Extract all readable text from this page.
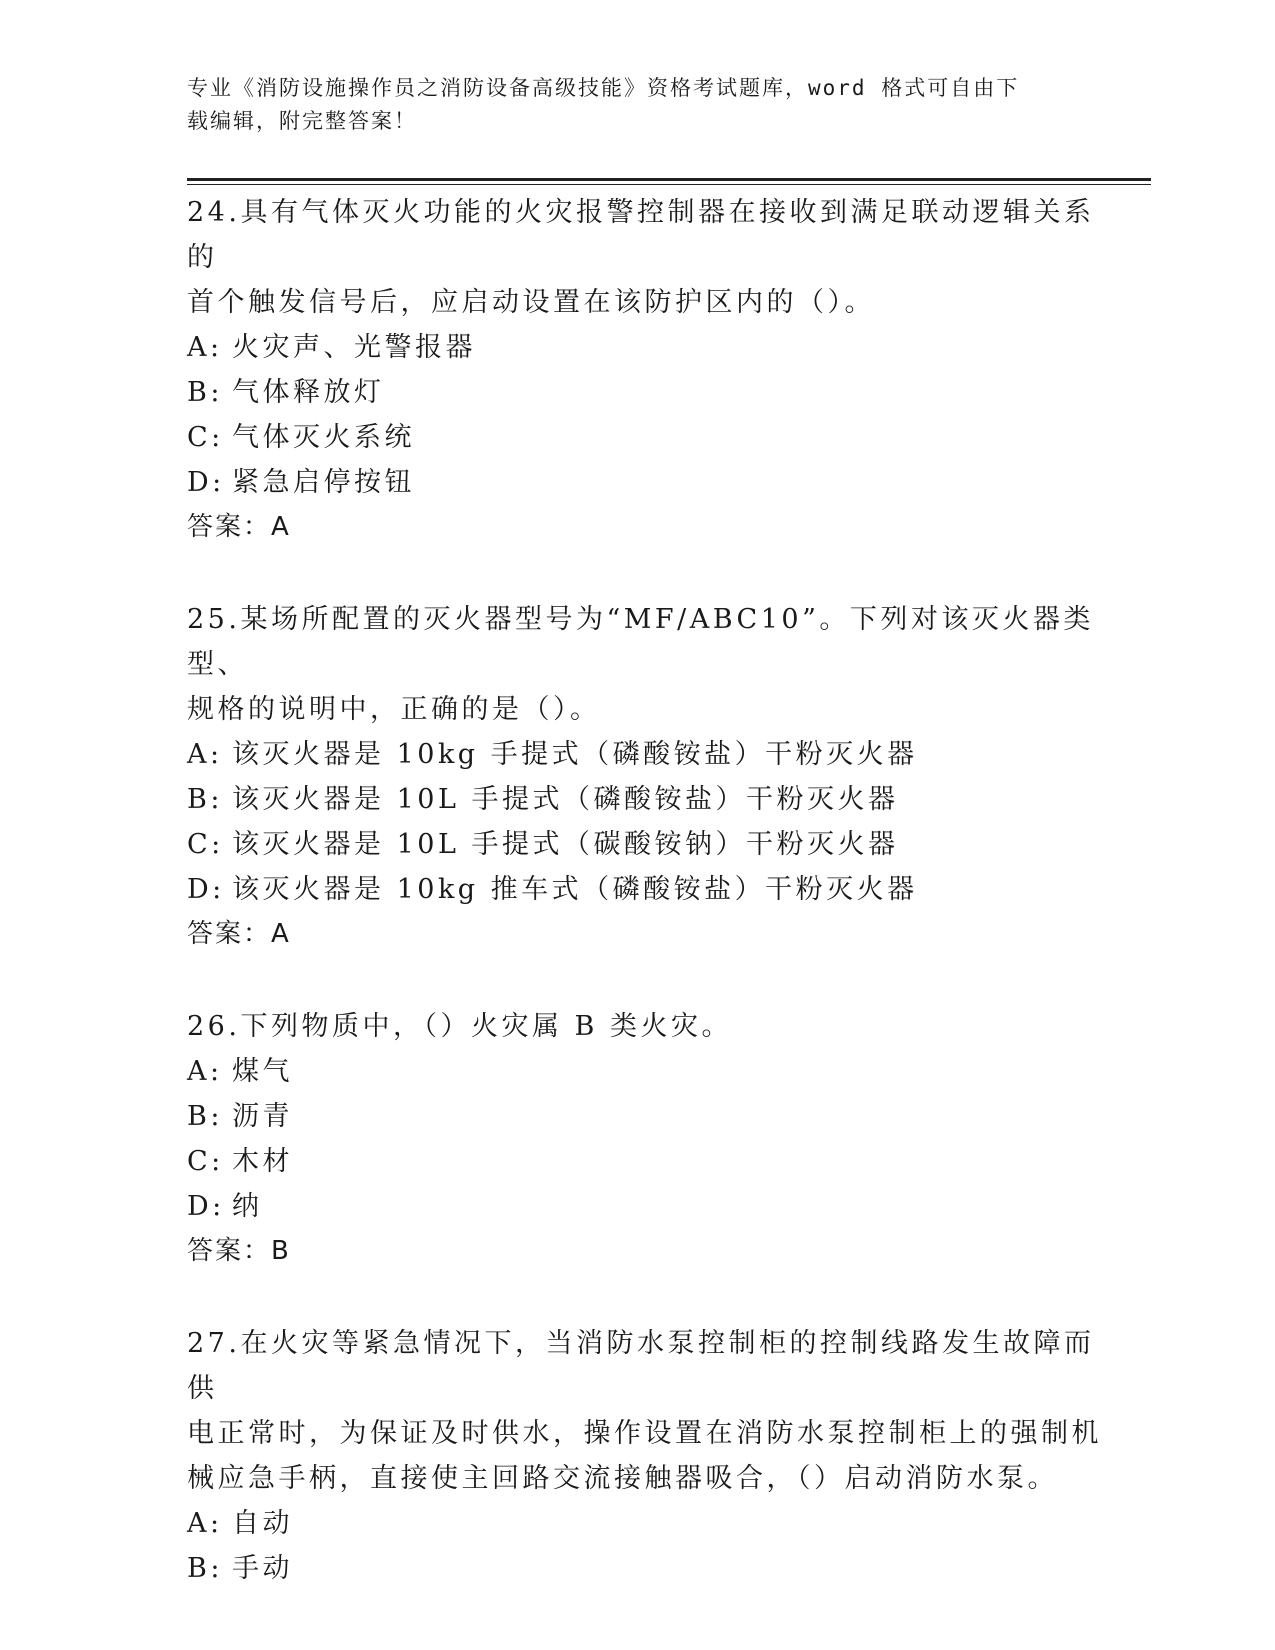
专业《消防设施操作员之消防设备高级技能》资格考试题库，word 格式可自由下
载编辑，附完整答案！
24.具有气体灭火功能的火灾报警控制器在接收到满足联动逻辑关系的
首个触发信号后，应启动设置在该防护区内的（）。
A: 火灾声、光警报器
B: 气体释放灯
C: 气体灭火系统
D: 紧急启停按钮
答案：A
25.某场所配置的灭火器型号为“MF/ABC10”。下列对该灭火器类型、
规格的说明中，正确的是（）。
A: 该灭火器是 10kg 手提式（磷酸铵盐）干粉灭火器
B: 该灭火器是 10L 手提式（磷酸铵盐）干粉灭火器
C: 该灭火器是 10L 手提式（碳酸铵钠）干粉灭火器
D: 该灭火器是 10kg 推车式（磷酸铵盐）干粉灭火器
答案：A
26.下列物质中，（）火灾属 B 类火灾。
A: 煤气
B: 沥青
C: 木材
D: 纳
答案：B
27.在火灾等紧急情况下，当消防水泵控制柜的控制线路发生故障而供
电正常时，为保证及时供水，操作设置在消防水泵控制柜上的强制机
械应急手柄，直接使主回路交流接触器吸合，（）启动消防水泵。
A: 自动
B: 手动
